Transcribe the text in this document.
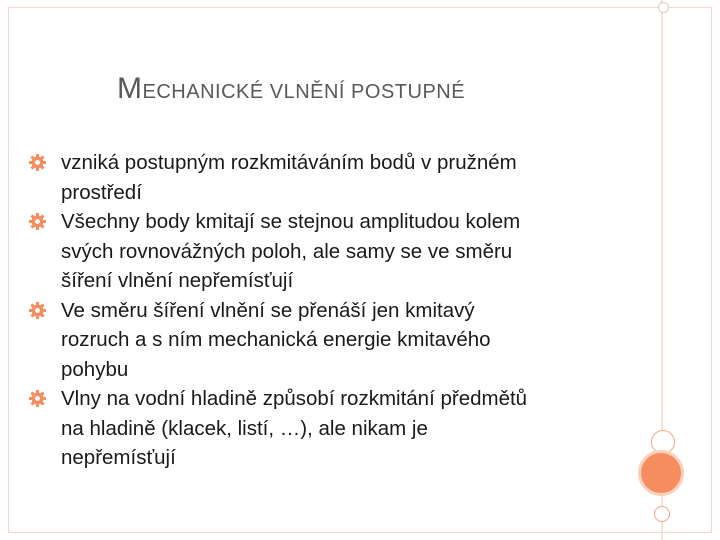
MECHANICKÉ VLNĚNÍ POSTUPNÉ
vzniká postupným rozkmitáváním bodů v pružném
prostředí
Všechny body kmitají se stejnou amplitudou kolem
svých rovnovážných poloh, ale samy se ve směru
šíření vlnění nepřemísťují
Ve směru šíření vlnění se přenáší jen kmitavý
rozruch a s ním mechanická energie kmitavého
pohybu
Vlny na vodní hladině způsobí rozkmitání předmětů
na hladině (klacek, listí, …), ale nikam je
nepřemísťují
